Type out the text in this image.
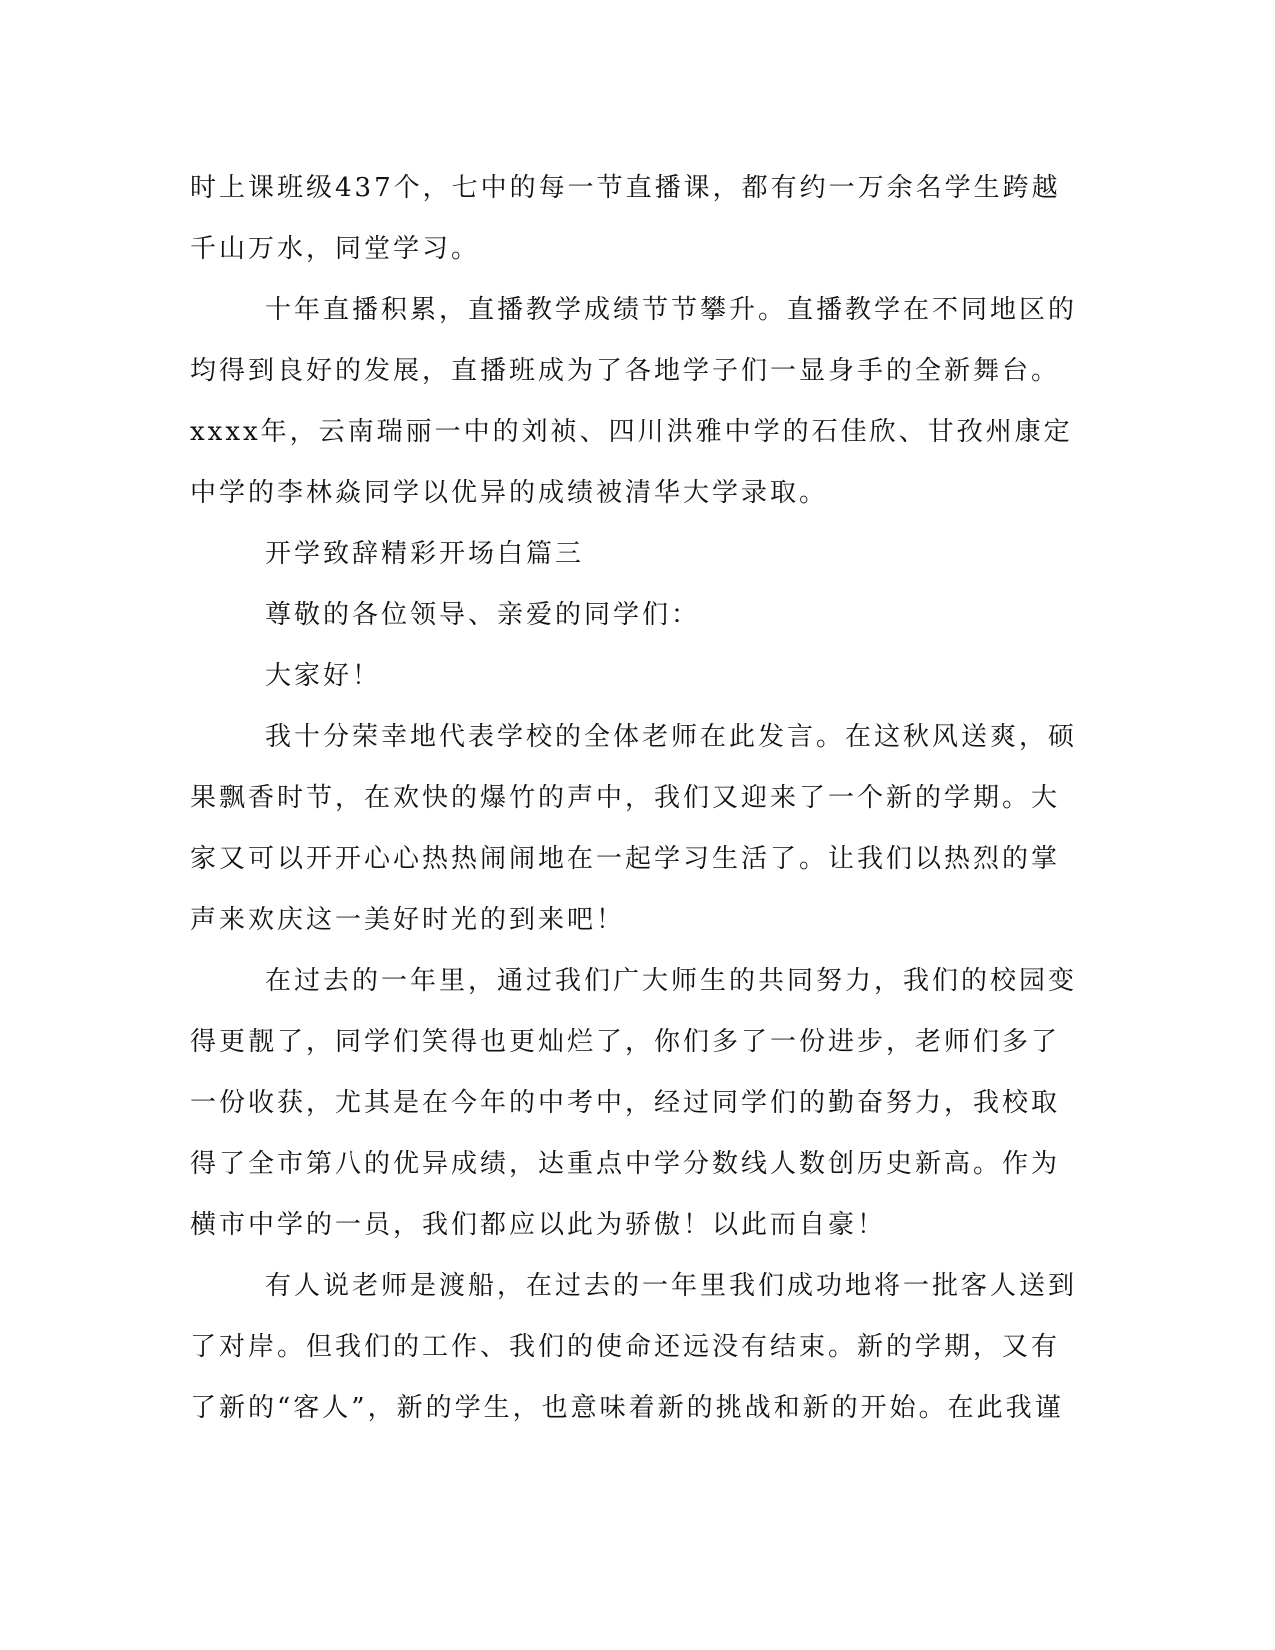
时上课班级437个，七中的每一节直播课，都有约一万余名学生跨越
千山万水，同堂学习。
十年直播积累，直播教学成绩节节攀升。直播教学在不同地区的
均得到良好的发展，直播班成为了各地学子们一显身手的全新舞台。
xxxx年，云南瑞丽一中的刘祯、四川洪雅中学的石佳欣、甘孜州康定
中学的李林焱同学以优异的成绩被清华大学录取。
开学致辞精彩开场白篇三
尊敬的各位领导、亲爱的同学们：
大家好！
我十分荣幸地代表学校的全体老师在此发言。在这秋风送爽，硕
果飘香时节，在欢快的爆竹的声中，我们又迎来了一个新的学期。大
家又可以开开心心热热闹闹地在一起学习生活了。让我们以热烈的掌
声来欢庆这一美好时光的到来吧！
在过去的一年里，通过我们广大师生的共同努力，我们的校园变
得更靓了，同学们笑得也更灿烂了，你们多了一份进步，老师们多了
一份收获，尤其是在今年的中考中，经过同学们的勤奋努力，我校取
得了全市第八的优异成绩，达重点中学分数线人数创历史新高。作为
横市中学的一员，我们都应以此为骄傲！以此而自豪！
有人说老师是渡船，在过去的一年里我们成功地将一批客人送到
了对岸。但我们的工作、我们的使命还远没有结束。新的学期，又有
了新的“客人”，新的学生，也意味着新的挑战和新的开始。在此我谨
